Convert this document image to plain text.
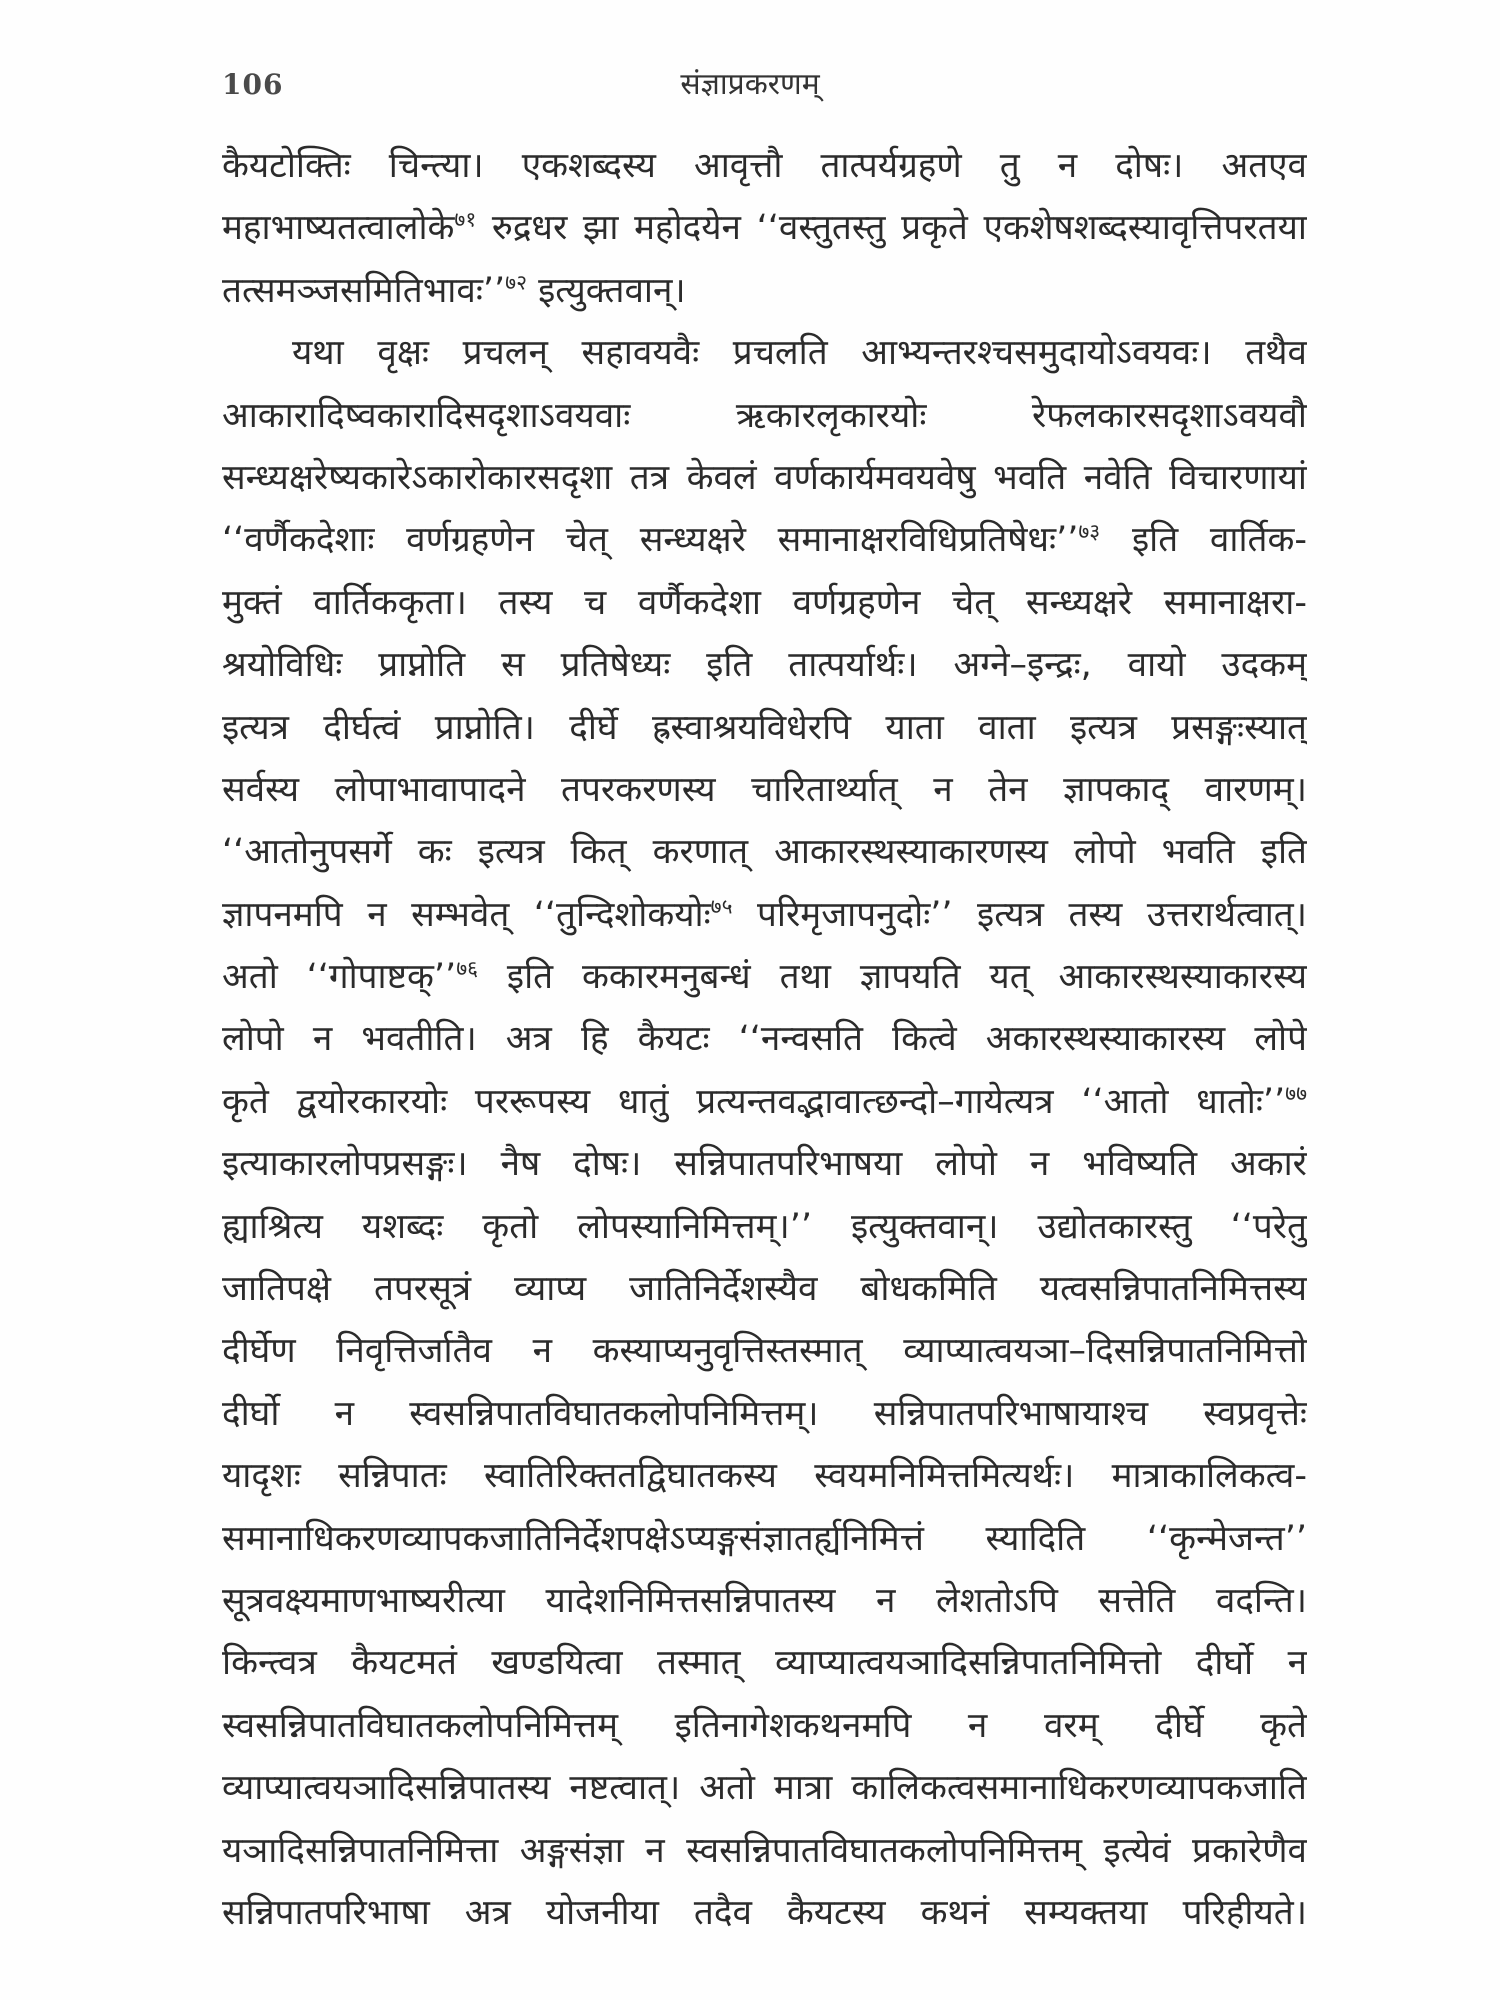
106	संज्ञाप्रकरणम्
कैयटोक्तिः चिन्त्या। एकशब्दस्य आवृत्तौ तात्पर्यग्रहणे तु न दोषः। अतएव
महाभाष्यतत्वालोके$^{७१}$ रुद्रधर झा महोदयेन ‘‘वस्तुतस्तु प्रकृते एकशेषशब्दस्यावृत्तिपरतया
तत्समञ्जसमितिभावः’’$^{७२}$ इत्युक्तवान्।
यथा वृक्षः प्रचलन् सहावयवैः प्रचलति आभ्यन्तरश्चसमुदायोऽवयवः। तथैव
आकारादिष्वकारादिसदृशाऽवयवाः ऋकारलृकारयोः रेफलकारसदृशाऽवयवौ
सन्ध्यक्षरेष्यकारेऽकारोकारसदृशा तत्र केवलं वर्णकार्यमवयवेषु भवति नवेति विचारणायां
‘‘वर्णैकदेशाः वर्णग्रहणेन चेत् सन्ध्यक्षरे समानाक्षरविधिप्रतिषेधः’’$^{७३}$ इति वार्तिक-
मुक्तं वार्तिककृता। तस्य च वर्णैकदेशा वर्णग्रहणेन चेत् सन्ध्यक्षरे समानाक्षरा-
श्रयोविधिः प्राप्नोति स प्रतिषेध्यः इति तात्पर्यार्थः। अग्ने–इन्द्रः, वायो उदकम्
इत्यत्र दीर्घत्वं प्राप्नोति। दीर्घे ह्रस्वाश्रयविधेरपि याता वाता इत्यत्र प्रसङ्गःस्यात्
सर्वस्य लोपाभावापादने तपरकरणस्य चारितार्थ्यात् न तेन ज्ञापकाद् वारणम्।
‘‘आतोनुपसर्गे कः इत्यत्र कित् करणात् आकारस्थस्याकारणस्य लोपो भवति इति
ज्ञापनमपि न सम्भवेत् ‘‘तुन्दिशोकयोः$^{७५}$ परिमृजापनुदोः’’ इत्यत्र तस्य उत्तरार्थत्वात्।
अतो ‘‘गोपाष्टक्’’$^{७६}$ इति ककारमनुबन्धं तथा ज्ञापयति यत् आकारस्थस्याकारस्य
लोपो न भवतीति। अत्र हि कैयटः ‘‘नन्वसति कित्वे अकारस्थस्याकारस्य लोपे
कृते द्वयोरकारयोः पररूपस्य धातुं प्रत्यन्तवद्भावात्छन्दो–गायेत्यत्र ‘‘आतो धातोः’’$^{७७}$
इत्याकारलोपप्रसङ्गः। नैष दोषः। सन्निपातपरिभाषया लोपो न भविष्यति अकारं
ह्याश्रित्य यशब्दः कृतो लोपस्यानिमित्तम्।’’ इत्युक्तवान्। उद्योतकारस्तु ‘‘परेतु
जातिपक्षे तपरसूत्रं व्याप्य जातिनिर्देशस्यैव बोधकमिति यत्वसन्निपातनिमित्तस्य
दीर्घेण निवृत्तिर्जातैव न कस्याप्यनुवृत्तिस्तस्मात् व्याप्यात्वयञा–दिसन्निपातनिमित्तो
दीर्घो न स्वसन्निपातविघातकलोपनिमित्तम्। सन्निपातपरिभाषायाश्च स्वप्रवृत्तेः
यादृशः सन्निपातः स्वातिरिक्ततद्विघातकस्य स्वयमनिमित्तमित्यर्थः। मात्राकालिकत्व-
समानाधिकरणव्यापकजातिनिर्देशपक्षेऽप्यङ्गसंज्ञातर्ह्यनिमित्तं स्यादिति ‘‘कृन्मेजन्त’’
सूत्रवक्ष्यमाणभाष्यरीत्या यादेशनिमित्तसन्निपातस्य न लेशतोऽपि सत्तेति वदन्ति।
किन्त्वत्र कैयटमतं खण्डयित्वा तस्मात् व्याप्यात्वयञादिसन्निपातनिमित्तो दीर्घो न
स्वसन्निपातविघातकलोपनिमित्तम् इतिनागेशकथनमपि न वरम् दीर्घे कृते
व्याप्यात्वयञादिसन्निपातस्य नष्टत्वात्। अतो मात्रा कालिकत्वसमानाधिकरणव्यापकजाति
यञादिसन्निपातनिमित्ता अङ्गसंज्ञा न स्वसन्निपातविघातकलोपनिमित्तम् इत्येवं प्रकारेणैव
सन्निपातपरिभाषा अत्र योजनीया तदैव कैयटस्य कथनं सम्यक्तया परिहीयते।
